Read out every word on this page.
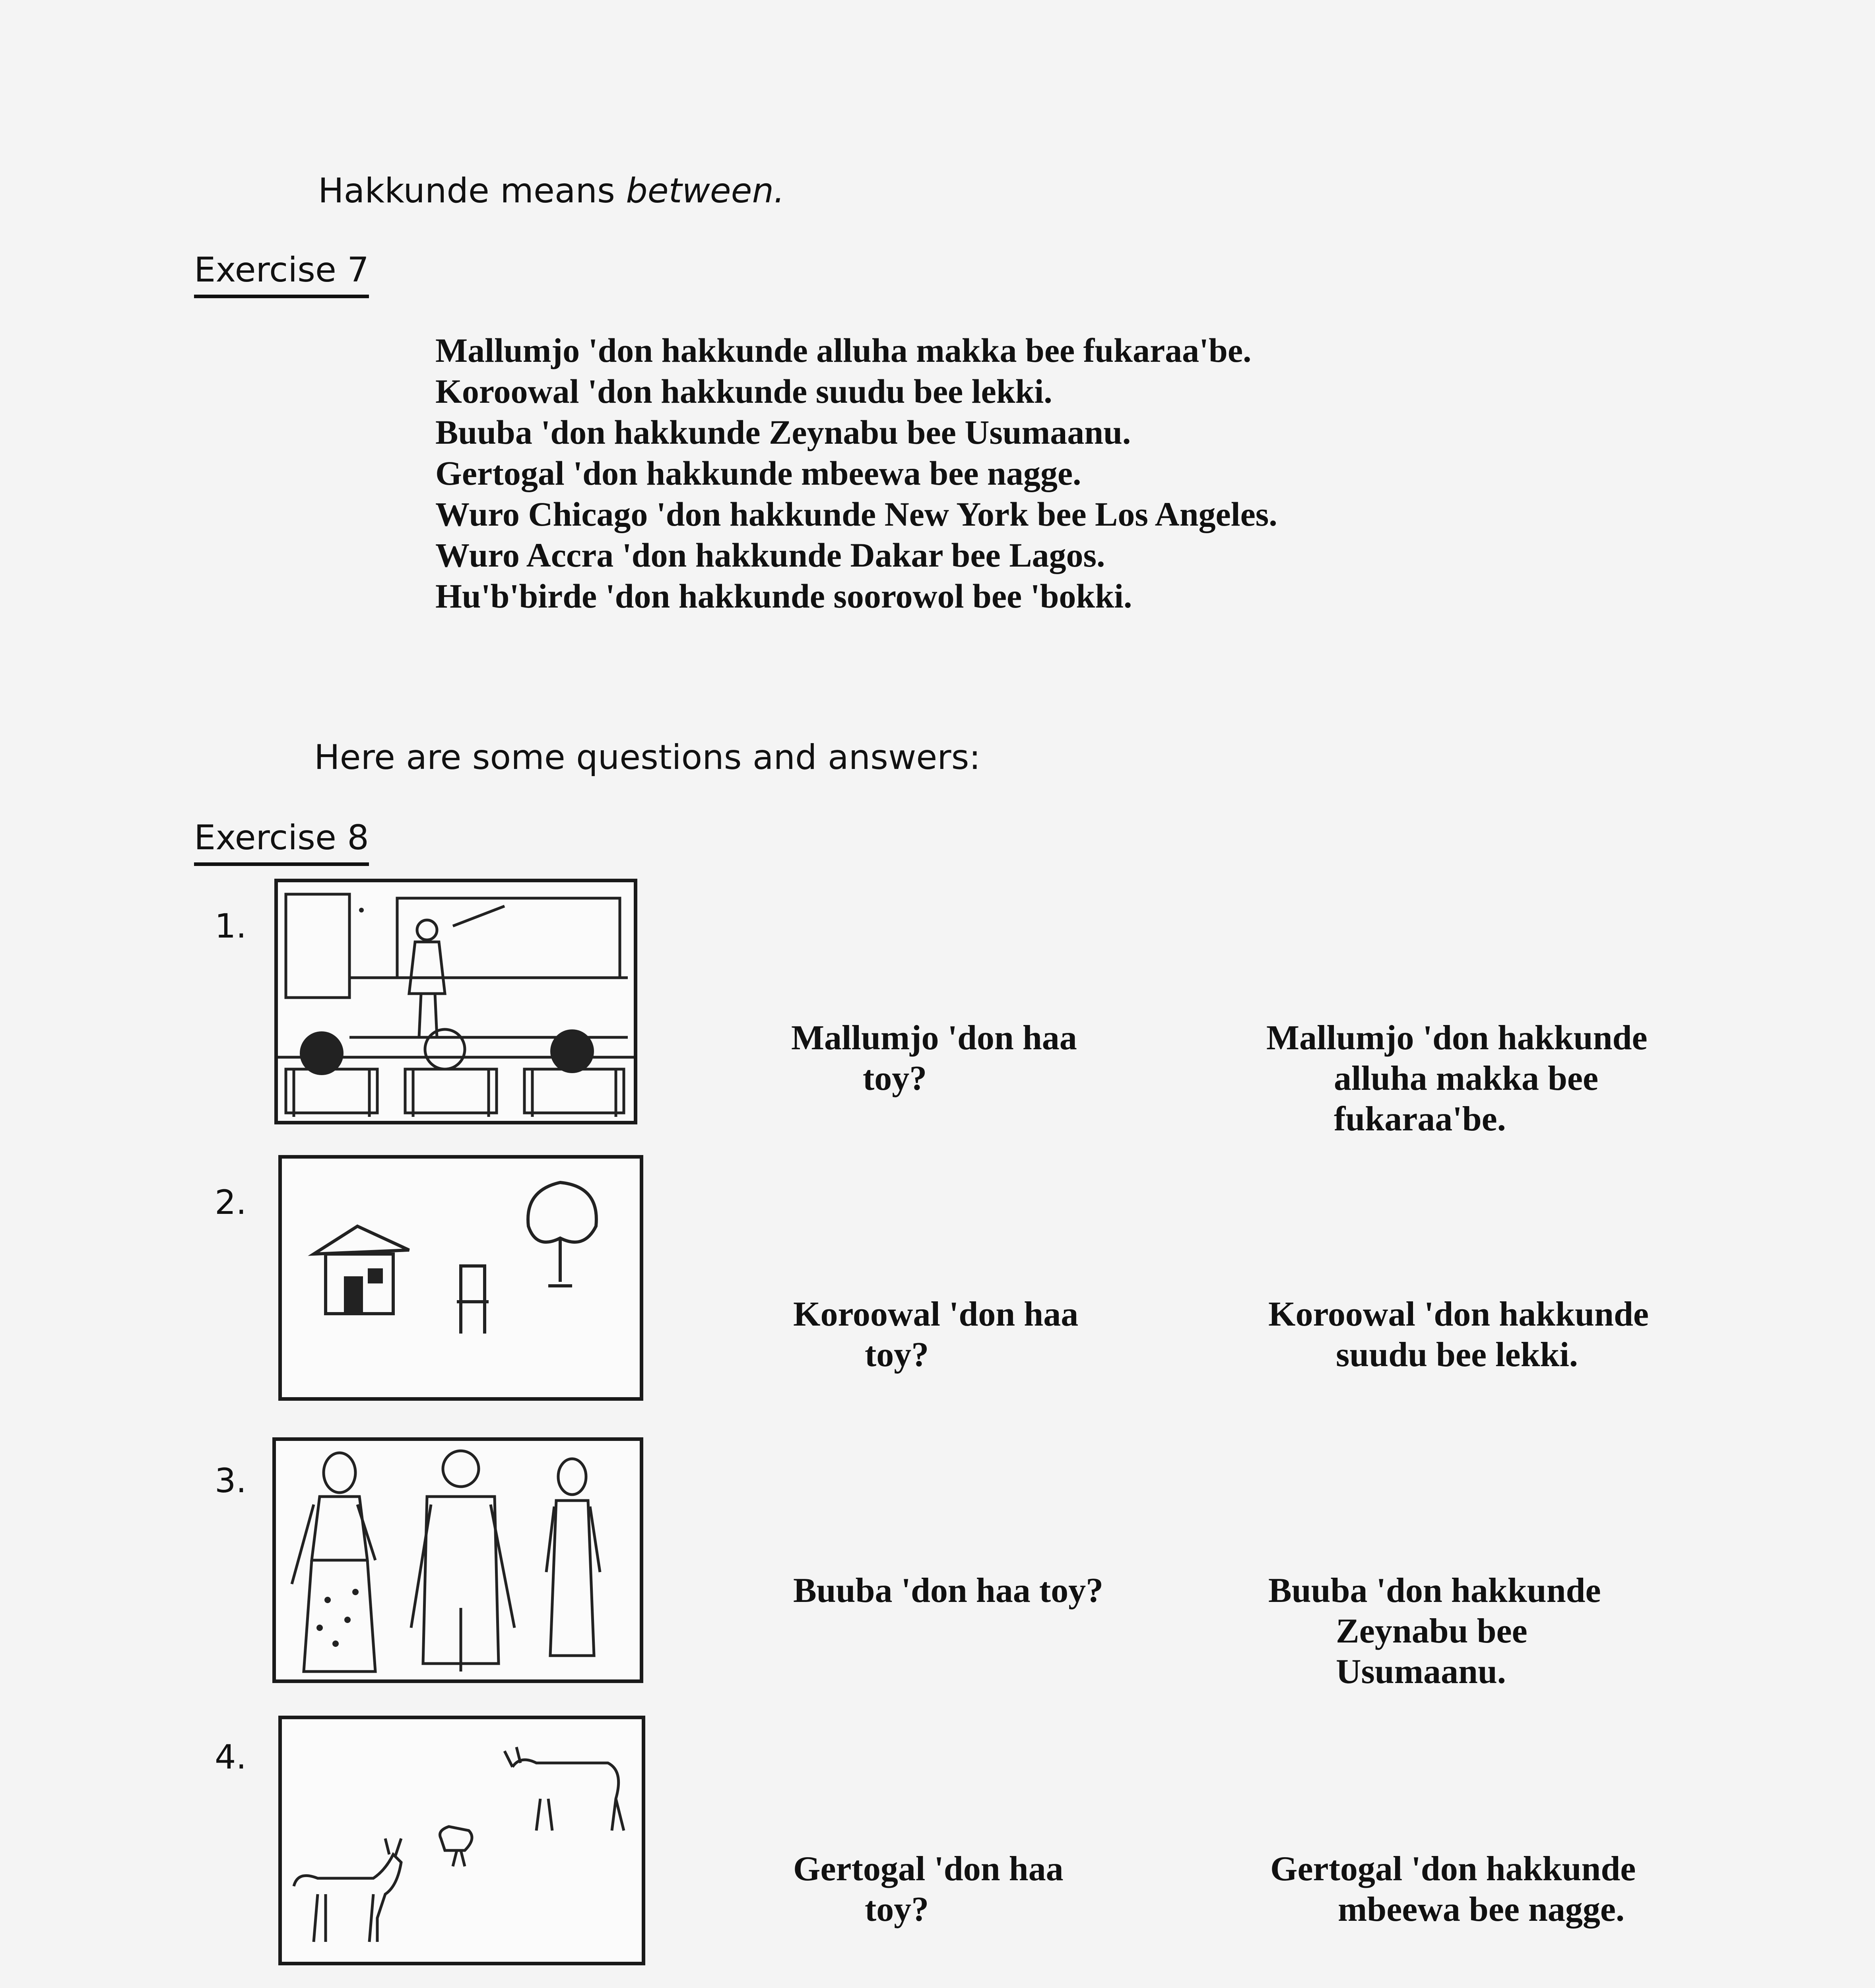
Hakkunde means between.
Exercise 7
Mallumjo 'don hakkunde alluha makka bee fukaraa'be.
Koroowal 'don hakkunde suudu bee lekki.
Buuba 'don hakkunde Zeynabu bee Usumaanu.
Gertogal 'don hakkunde mbeewa bee nagge.
Wuro Chicago 'don hakkunde New York bee Los Angeles.
Wuro Accra 'don hakkunde Dakar bee Lagos.
Hu'b'birde 'don hakkunde soorowol bee 'bokki.
Here are some questions and answers:
Exercise 8
1.
Mallumjo 'don haa
toy?
Mallumjo 'don hakkunde
alluha makka bee
fukaraa'be.
2.
Koroowal 'don haa
toy?
Koroowal 'don hakkunde
suudu bee lekki.
3.
Buuba 'don haa toy?	Buuba 'don hakkunde
Zeynabu bee
Usumaanu.
4.
Gertogal 'don haa
toy?
Gertogal 'don hakkunde
mbeewa bee nagge.
